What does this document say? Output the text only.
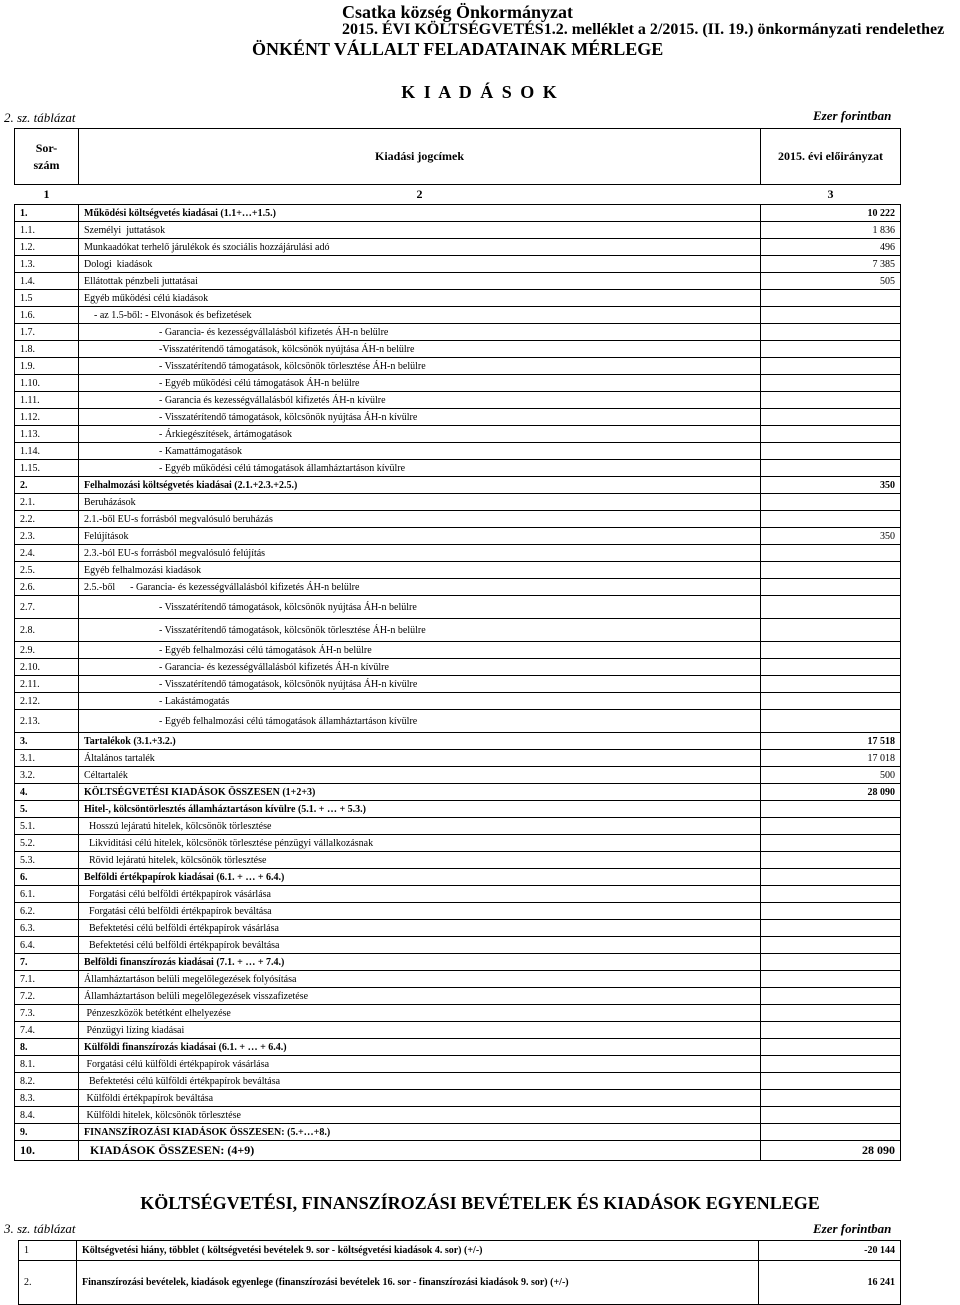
Csatka község Önkormányzat
2015. ÉVI KÖLTSÉGVETÉS1.2. melléklet a 2/2015. (II. 19.) önkormányzati rendelethez
ÖNKÉNT VÁLLALT FELADATAINAK MÉRLEGE
K I A D Á S O K
2. sz. táblázat	Ezer forintban
Sor-
szám	Kiadási jogcímek	2015. évi előirányzat
1	2	3
1.	Működési költségvetés kiadásai (1.1+…+1.5.)	10 222
1.1.	Személyi  juttatások	1 836
1.2.	Munkaadókat terhelő járulékok és szociális hozzájárulási adó	496
1.3.	Dologi  kiadások	7 385
1.4.	Ellátottak pénzbeli juttatásai	505
1.5	Egyéb működési célú kiadások	
1.6.	- az 1.5-ből: - Elvonások és befizetések	
1.7.	- Garancia- és kezességvállalásból kifizetés ÁH-n belülre	
1.8.	-Visszatérítendő támogatások, kölcsönök nyújtása ÁH-n belülre	
1.9.	- Visszatérítendő támogatások, kölcsönök törlesztése ÁH-n belülre	
1.10.	- Egyéb működési célú támogatások ÁH-n belülre	
1.11.	- Garancia és kezességvállalásból kifizetés ÁH-n kívülre	
1.12.	- Visszatérítendő támogatások, kölcsönök nyújtása ÁH-n kívülre	
1.13.	- Árkiegészítések, ártámogatások	
1.14.	- Kamattámogatások	
1.15.	- Egyéb működési célú támogatások államháztartáson kívülre	
2.	Felhalmozási költségvetés kiadásai (2.1.+2.3.+2.5.)	350
2.1.	Beruházások	
2.2.	2.1.-ből EU-s forrásból megvalósuló beruházás	
2.3.	Felújítások	350
2.4.	2.3.-ból EU-s forrásból megvalósuló felújítás	
2.5.	Egyéb felhalmozási kiadások	
2.6.	2.5.-ből      - Garancia- és kezességvállalásból kifizetés ÁH-n belülre	
2.7.	- Visszatérítendő támogatások, kölcsönök nyújtása ÁH-n belülre	
2.8.	- Visszatérítendő támogatások, kölcsönök törlesztése ÁH-n belülre	
2.9.	- Egyéb felhalmozási célú támogatások ÁH-n belülre	
2.10.	- Garancia- és kezességvállalásból kifizetés ÁH-n kívülre	
2.11.	- Visszatérítendő támogatások, kölcsönök nyújtása ÁH-n kívülre	
2.12.	- Lakástámogatás	
2.13.	- Egyéb felhalmozási célú támogatások államháztartáson kívülre	
3.	Tartalékok (3.1.+3.2.)	17 518
3.1.	Általános tartalék	17 018
3.2.	Céltartalék	500
4.	KÖLTSÉGVETÉSI KIADÁSOK ÖSSZESEN (1+2+3)	28 090
5.	Hitel-, kölcsöntörlesztés államháztartáson kívülre (5.1. + … + 5.3.)	
5.1.	Hosszú lejáratú hitelek, kölcsönök törlesztése	
5.2.	Likviditási célú hitelek, kölcsönök törlesztése pénzügyi vállalkozásnak	
5.3.	Rövid lejáratú hitelek, kölcsönök törlesztése	
6.	Belföldi értékpapírok kiadásai (6.1. + … + 6.4.)	
6.1.	Forgatási célú belföldi értékpapírok vásárlása	
6.2.	Forgatási célú belföldi értékpapírok beváltása	
6.3.	Befektetési célú belföldi értékpapírok vásárlása	
6.4.	Befektetési célú belföldi értékpapírok beváltása	
7.	Belföldi finanszírozás kiadásai (7.1. + … + 7.4.)	
7.1.	Államháztartáson belüli megelőlegezések folyósítása	
7.2.	Államháztartáson belüli megelőlegezések visszafizetése	
7.3.	Pénzeszközök betétként elhelyezése	
7.4.	Pénzügyi lízing kiadásai	
8.	Külföldi finanszírozás kiadásai (6.1. + … + 6.4.)	
8.1.	Forgatási célú külföldi értékpapírok vásárlása	
8.2.	Befektetési célú külföldi értékpapírok beváltása	
8.3.	Külföldi értékpapírok beváltása	
8.4.	Külföldi hitelek, kölcsönök törlesztése	
9.	FINANSZÍROZÁSI KIADÁSOK ÖSSZESEN: (5.+…+8.)	
10.	KIADÁSOK ÖSSZESEN: (4+9)	28 090
KÖLTSÉGVETÉSI, FINANSZÍROZÁSI BEVÉTELEK ÉS KIADÁSOK EGYENLEGE
3. sz. táblázat	Ezer forintban
1	Költségvetési hiány, többlet ( költségvetési bevételek 9. sor - költségvetési kiadások 4. sor) (+/-)	-20 144
2.	Finanszírozási bevételek, kiadások egyenlege (finanszírozási bevételek 16. sor - finanszírozási kiadások 9. sor) (+/-)	16 241
